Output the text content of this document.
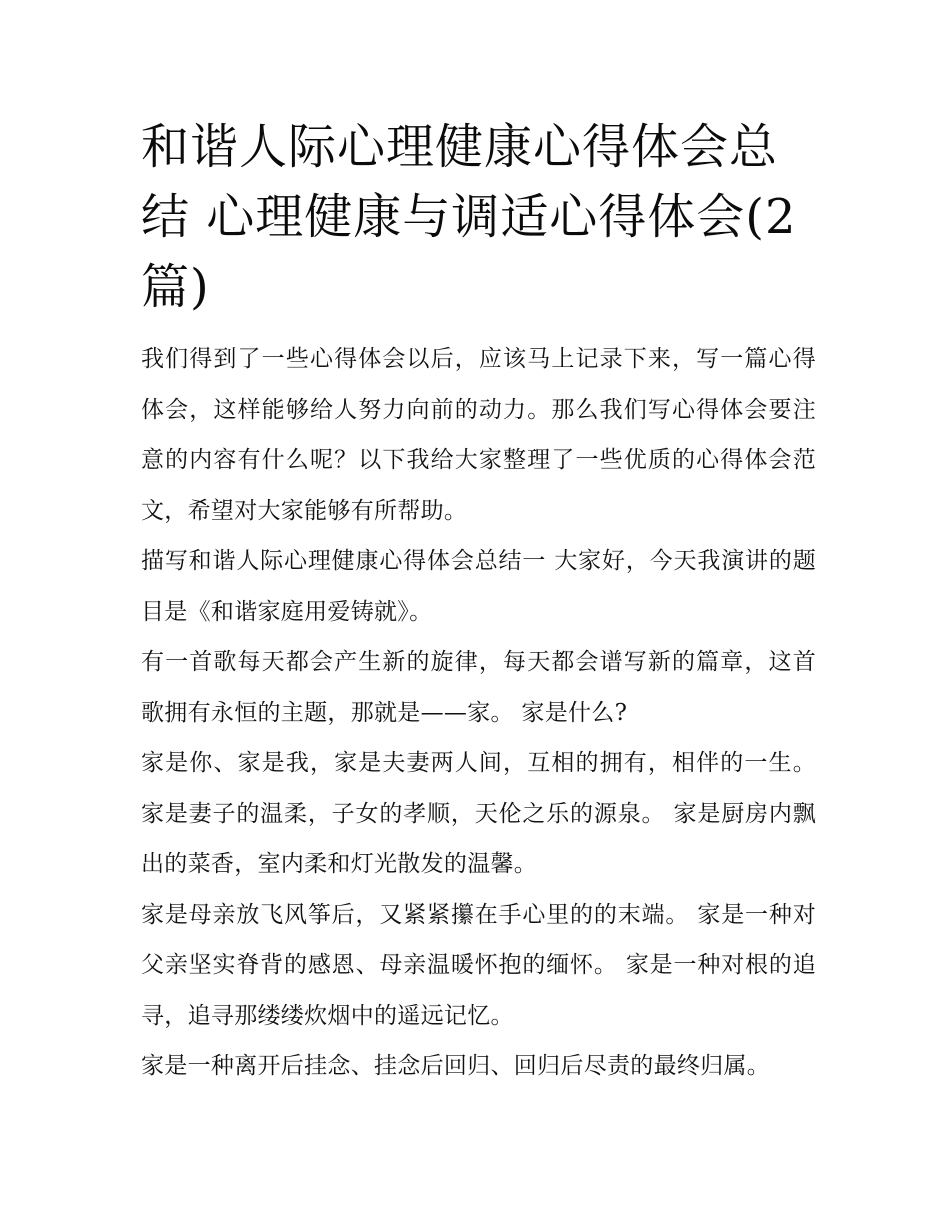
和谐人际心理健康心得体会总结 心理健康与调适心得体会(2篇)

我们得到了一些心得体会以后，应该马上记录下来，写一篇心得体会，这样能够给人努力向前的动力。那么我们写心得体会要注意的内容有什么呢？以下我给大家整理了一些优质的心得体会范文，希望对大家能够有所帮助。

描写和谐人际心理健康心得体会总结一 大家好，今天我演讲的题目是《和谐家庭用爱铸就》。

有一首歌每天都会产生新的旋律，每天都会谱写新的篇章，这首歌拥有永恒的主题，那就是——家。 家是什么?

家是你、家是我，家是夫妻两人间，互相的拥有，相伴的一生。 家是妻子的温柔，子女的孝顺，天伦之乐的源泉。 家是厨房内飘出的菜香，室内柔和灯光散发的温馨。

家是母亲放飞风筝后，又紧紧攥在手心里的的末端。 家是一种对父亲坚实脊背的感恩、母亲温暖怀抱的缅怀。 家是一种对根的追寻，追寻那缕缕炊烟中的遥远记忆。

家是一种离开后挂念、挂念后回归、回归后尽责的最终归属。
